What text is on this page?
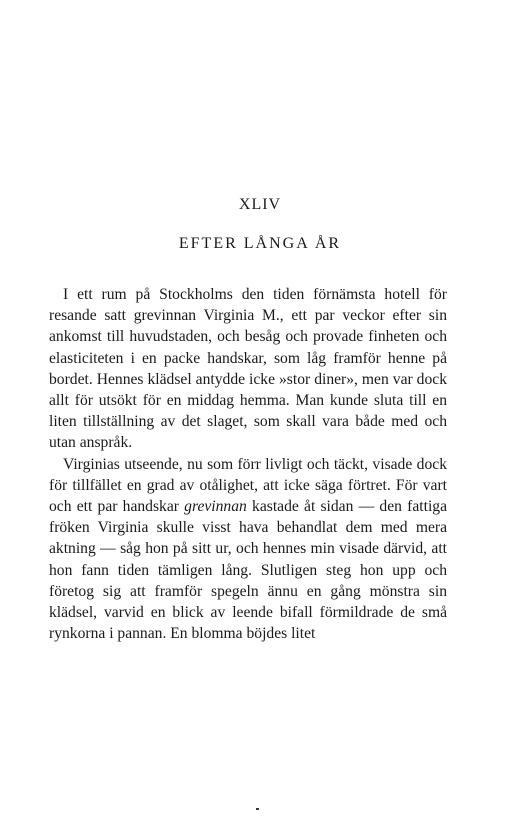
XLIV
EFTER LÅNGA ÅR

I ett rum på Stockholms den tiden förnämsta hotell för resande satt grevinnan Virginia M., ett par veckor efter sin ankomst till huvudstaden, och besåg och provade finheten och elasticiteten i en packe handskar, som låg framför henne på bordet. Hennes klädsel antydde icke »stor diner», men var dock allt för utsökt för en middag hemma. Man kunde sluta till en liten tillställning av det slaget, som skall vara både med och utan anspråk.

Virginias utseende, nu som förr livligt och täckt, visade dock för tillfället en grad av otålighet, att icke säga förtret. För vart och ett par handskar grevinnan kastade åt sidan — den fattiga fröken Virginia skulle visst hava behandlat dem med mera aktning — såg hon på sitt ur, och hennes min visade därvid, att hon fann tiden tämligen lång. Slutligen steg hon upp och företog sig att framför spegeln ännu en gång mönstra sin klädsel, varvid en blick av leende bifall förmildrade de små rynkorna i pannan. En blomma böjdes litet
